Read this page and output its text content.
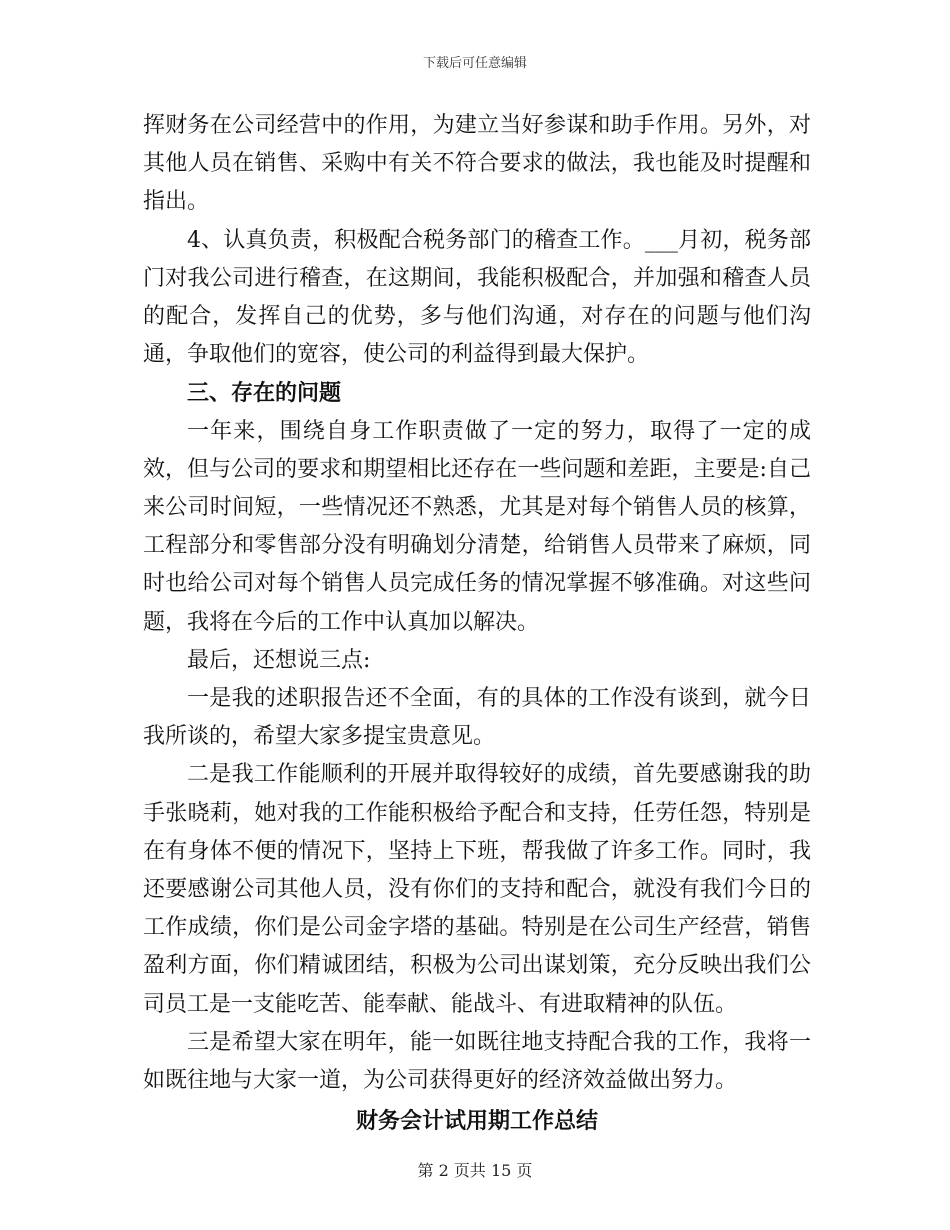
下载后可任意编辑

挥财务在公司经营中的作用，为建立当好参谋和助手作用。另外，对其他人员在销售、采购中有关不符合要求的做法，我也能及时提醒和指出。

4、认真负责，积极配合税务部门的稽查工作。___月初，税务部门对我公司进行稽查，在这期间，我能积极配合，并加强和稽查人员的配合，发挥自己的优势，多与他们沟通，对存在的问题与他们沟通，争取他们的宽容，使公司的利益得到最大保护。

三、存在的问题

一年来，围绕自身工作职责做了一定的努力，取得了一定的成效，但与公司的要求和期望相比还存在一些问题和差距，主要是:自己来公司时间短，一些情况还不熟悉，尤其是对每个销售人员的核算，工程部分和零售部分没有明确划分清楚，给销售人员带来了麻烦，同时也给公司对每个销售人员完成任务的情况掌握不够准确。对这些问题，我将在今后的工作中认真加以解决。

最后，还想说三点:

一是我的述职报告还不全面，有的具体的工作没有谈到，就今日我所谈的，希望大家多提宝贵意见。

二是我工作能顺利的开展并取得较好的成绩，首先要感谢我的助手张晓莉，她对我的工作能积极给予配合和支持，任劳任怨，特别是在有身体不便的情况下，坚持上下班，帮我做了许多工作。同时，我还要感谢公司其他人员，没有你们的支持和配合，就没有我们今日的工作成绩，你们是公司金字塔的基础。特别是在公司生产经营，销售盈利方面，你们精诚团结，积极为公司出谋划策，充分反映出我们公司员工是一支能吃苦、能奉献、能战斗、有进取精神的队伍。

三是希望大家在明年，能一如既往地支持配合我的工作，我将一如既往地与大家一道，为公司获得更好的经济效益做出努力。

财务会计试用期工作总结

第 2 页共 15 页
